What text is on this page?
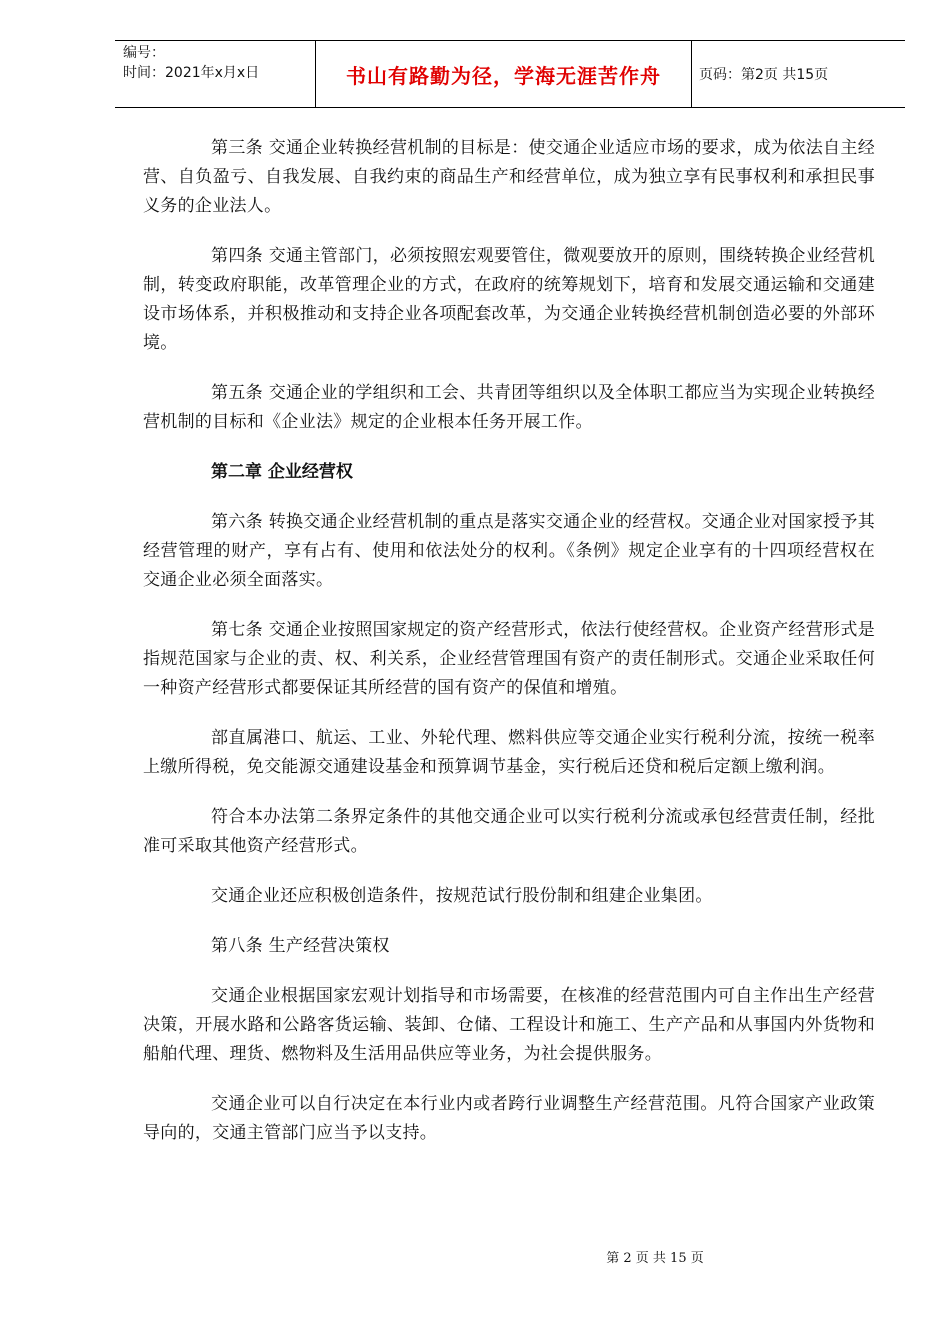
编号：
时间：2021年x月x日	书山有路勤为径，学海无涯苦作舟	页码：第2页 共15页

第三条 交通企业转换经营机制的目标是：使交通企业适应市场的要求，成为依法自主经营、自负盈亏、自我发展、自我约束的商品生产和经营单位，成为独立享有民事权利和承担民事义务的企业法人。

第四条 交通主管部门，必须按照宏观要管住，微观要放开的原则，围绕转换企业经营机制，转变政府职能，改革管理企业的方式，在政府的统筹规划下，培育和发展交通运输和交通建设市场体系，并积极推动和支持企业各项配套改革，为交通企业转换经营机制创造必要的外部环境。

第五条 交通企业的学组织和工会、共青团等组织以及全体职工都应当为实现企业转换经营机制的目标和《企业法》规定的企业根本任务开展工作。

第二章 企业经营权

第六条 转换交通企业经营机制的重点是落实交通企业的经营权。交通企业对国家授予其经营管理的财产，享有占有、使用和依法处分的权利。《条例》规定企业享有的十四项经营权在交通企业必须全面落实。

第七条 交通企业按照国家规定的资产经营形式，依法行使经营权。企业资产经营形式是指规范国家与企业的责、权、利关系，企业经营管理国有资产的责任制形式。交通企业采取任何一种资产经营形式都要保证其所经营的国有资产的保值和增殖。

部直属港口、航运、工业、外轮代理、燃料供应等交通企业实行税利分流，按统一税率上缴所得税，免交能源交通建设基金和预算调节基金，实行税后还贷和税后定额上缴利润。

符合本办法第二条界定条件的其他交通企业可以实行税利分流或承包经营责任制，经批准可采取其他资产经营形式。

交通企业还应积极创造条件，按规范试行股份制和组建企业集团。

第八条 生产经营决策权

交通企业根据国家宏观计划指导和市场需要，在核准的经营范围内可自主作出生产经营决策，开展水路和公路客货运输、装卸、仓储、工程设计和施工、生产产品和从事国内外货物和船舶代理、理货、燃物料及生活用品供应等业务，为社会提供服务。

交通企业可以自行决定在本行业内或者跨行业调整生产经营范围。凡符合国家产业政策导向的，交通主管部门应当予以支持。

第 2 页 共 15 页
